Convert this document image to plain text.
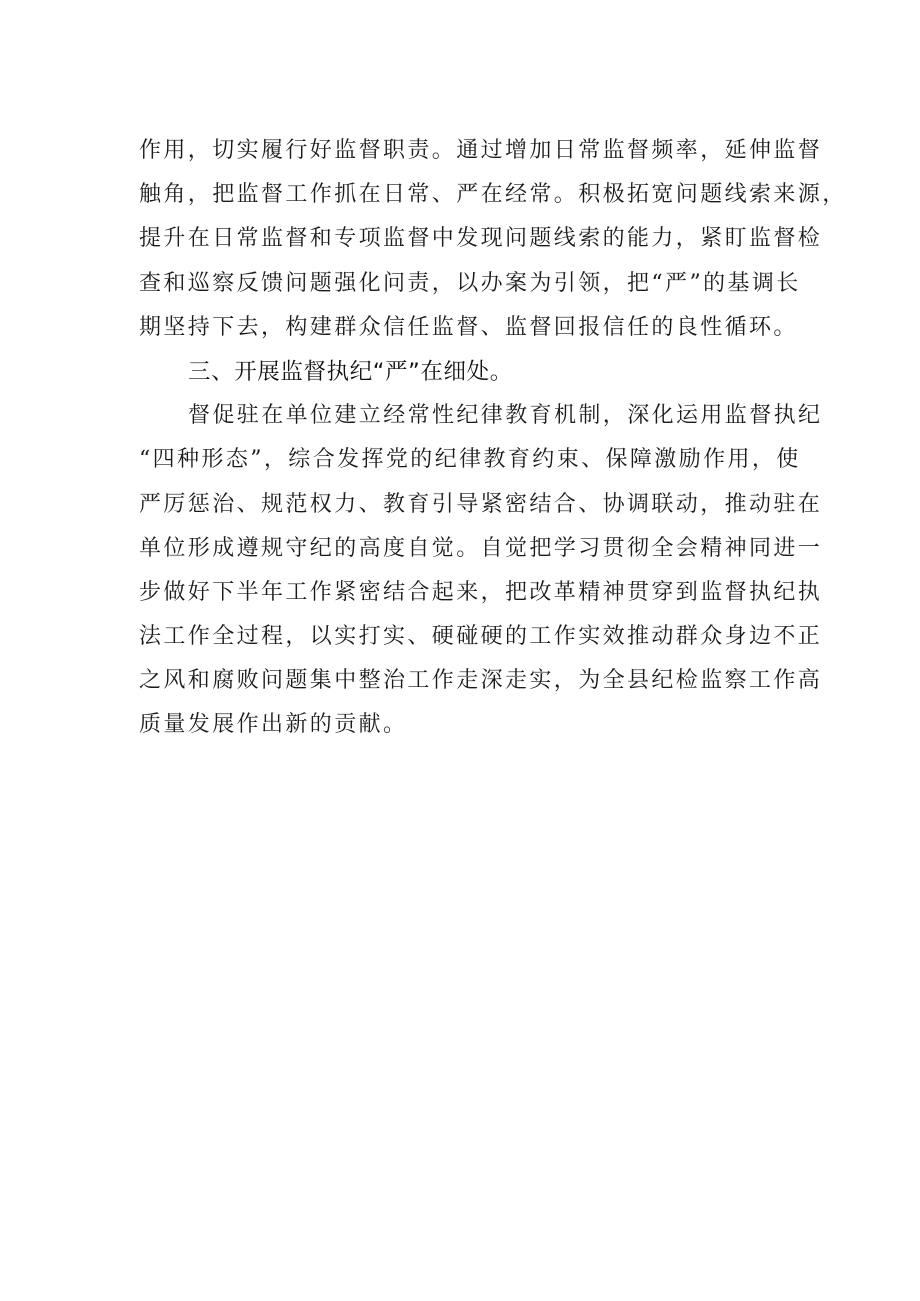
作用，切实履行好监督职责。通过增加日常监督频率，延伸监督
触角，把监督工作抓在日常、严在经常。积极拓宽问题线索来源，
提升在日常监督和专项监督中发现问题线索的能力，紧盯监督检
查和巡察反馈问题强化问责，以办案为引领，把“严”的基调长
期坚持下去，构建群众信任监督、监督回报信任的良性循环。
三、开展监督执纪“严”在细处。
督促驻在单位建立经常性纪律教育机制，深化运用监督执纪
“四种形态”，综合发挥党的纪律教育约束、保障激励作用，使
严厉惩治、规范权力、教育引导紧密结合、协调联动，推动驻在
单位形成遵规守纪的高度自觉。自觉把学习贯彻全会精神同进一
步做好下半年工作紧密结合起来，把改革精神贯穿到监督执纪执
法工作全过程，以实打实、硬碰硬的工作实效推动群众身边不正
之风和腐败问题集中整治工作走深走实，为全县纪检监察工作高
质量发展作出新的贡献。
